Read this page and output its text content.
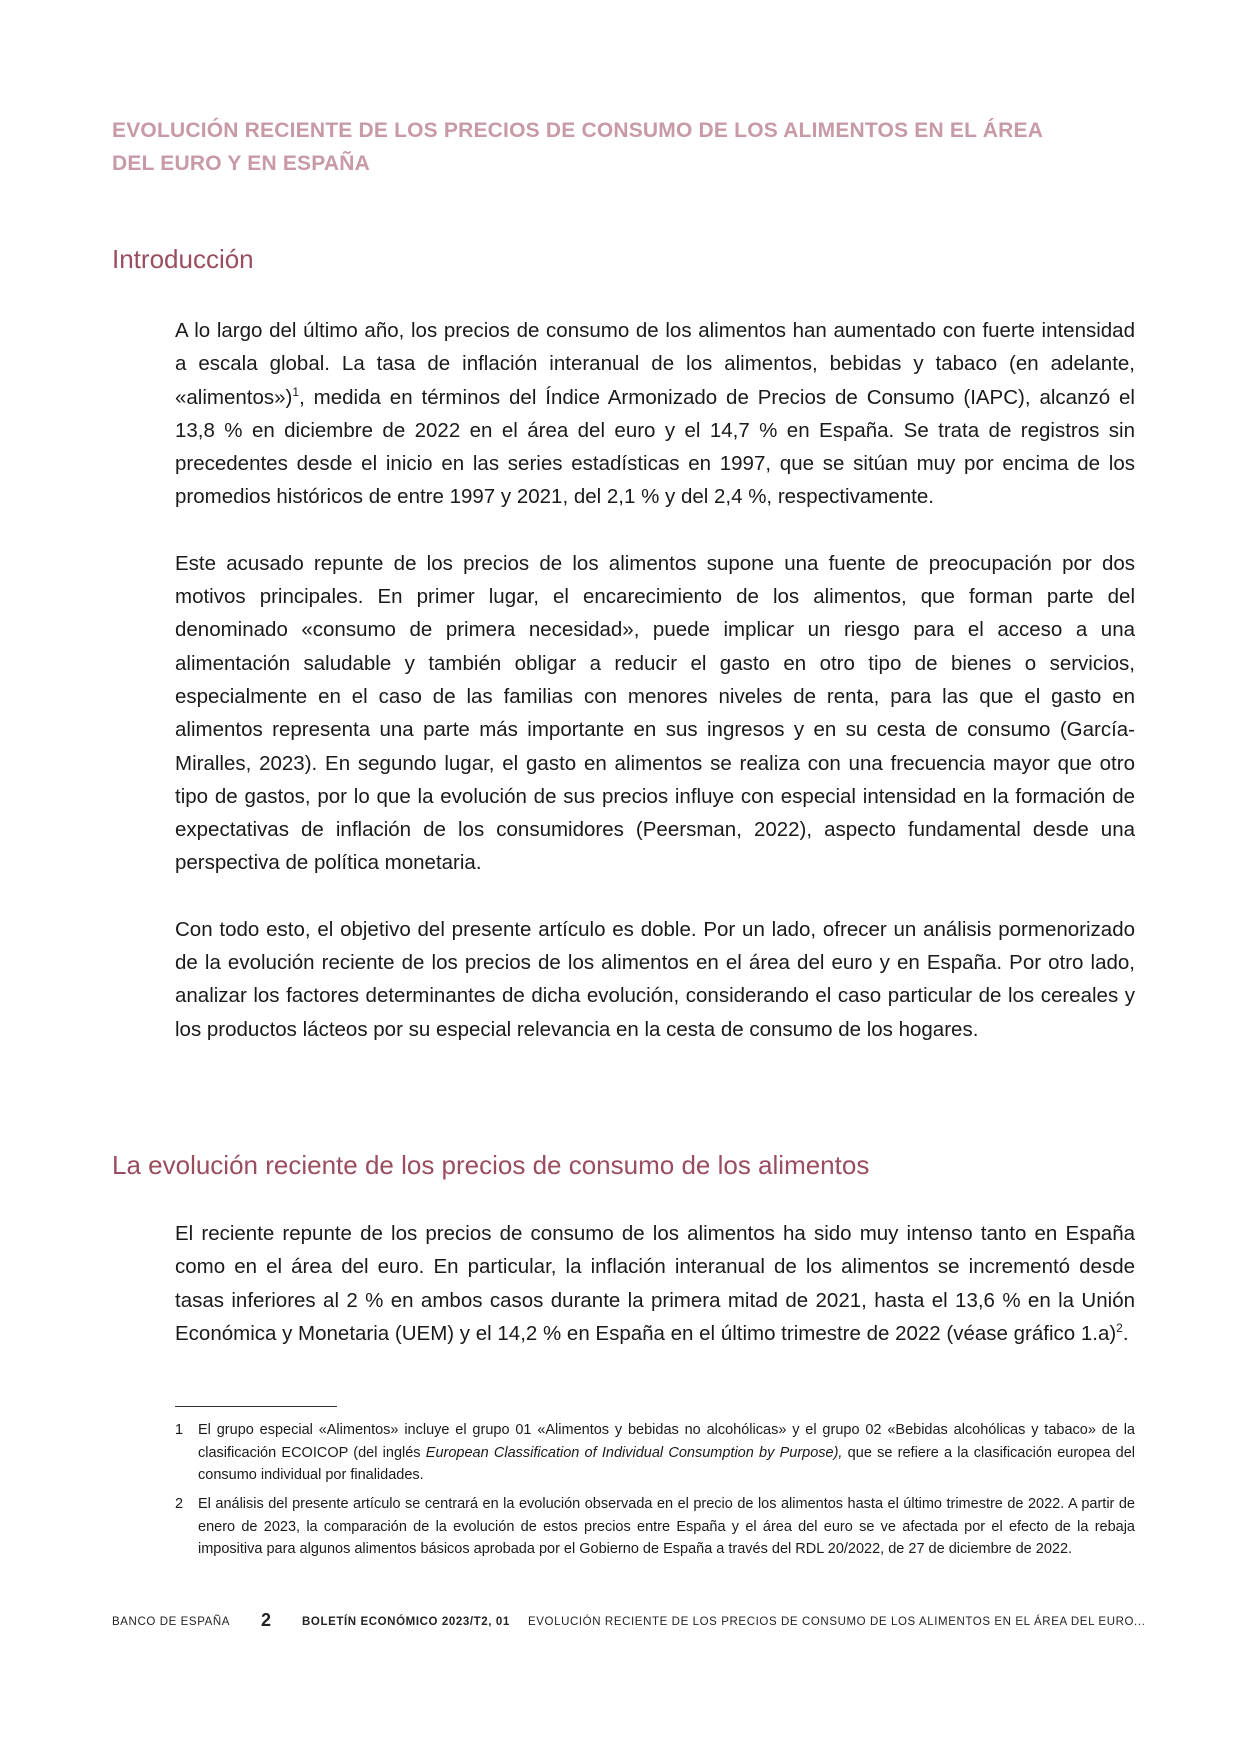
EVOLUCIÓN RECIENTE DE LOS PRECIOS DE CONSUMO DE LOS ALIMENTOS EN EL ÁREA
DEL EURO Y EN ESPAÑA
Introducción

A lo largo del último año, los precios de consumo de los alimentos han aumentado con fuerte intensidad a escala global. La tasa de inflación interanual de los alimentos, bebidas y tabaco (en adelante, «alimentos»)$^1$, medida en términos del Índice Armonizado de Precios de Consumo (IAPC), alcanzó el 13,8 % en diciembre de 2022 en el área del euro y el 14,7 % en España. Se trata de registros sin precedentes desde el inicio en las series estadísticas en 1997, que se sitúan muy por encima de los promedios históricos de entre 1997 y 2021, del 2,1 % y del 2,4 %, respectivamente.

Este acusado repunte de los precios de los alimentos supone una fuente de preocupación por dos motivos principales. En primer lugar, el encarecimiento de los alimentos, que forman parte del denominado «consumo de primera necesidad», puede implicar un riesgo para el acceso a una alimentación saludable y también obligar a reducir el gasto en otro tipo de bienes o servicios, especialmente en el caso de las familias con menores niveles de renta, para las que el gasto en alimentos representa una parte más importante en sus ingresos y en su cesta de consumo (García-Miralles, 2023). En segundo lugar, el gasto en alimentos se realiza con una frecuencia mayor que otro tipo de gastos, por lo que la evolución de sus precios influye con especial intensidad en la formación de expectativas de inflación de los consumidores (Peersman, 2022), aspecto fundamental desde una perspectiva de política monetaria.

Con todo esto, el objetivo del presente artículo es doble. Por un lado, ofrecer un análisis pormenorizado de la evolución reciente de los precios de los alimentos en el área del euro y en España. Por otro lado, analizar los factores determinantes de dicha evolución, considerando el caso particular de los cereales y los productos lácteos por su especial relevancia en la cesta de consumo de los hogares.

La evolución reciente de los precios de consumo de los alimentos

El reciente repunte de los precios de consumo de los alimentos ha sido muy intenso tanto en España como en el área del euro. En particular, la inflación interanual de los alimentos se incrementó desde tasas inferiores al 2 % en ambos casos durante la primera mitad de 2021, hasta el 13,6 % en la Unión Económica y Monetaria (UEM) y el 14,2 % en España en el último trimestre de 2022 (véase gráfico 1.a)$^2$.

1	El grupo especial «Alimentos» incluye el grupo 01 «Alimentos y bebidas no alcohólicas» y el grupo 02 «Bebidas alcohólicas y tabaco» de la clasificación ECOICOP (del inglés European Classification of Individual Consumption by Purpose), que se refiere a la clasificación europea del consumo individual por finalidades.
2	El análisis del presente artículo se centrará en la evolución observada en el precio de los alimentos hasta el último trimestre de 2022. A partir de enero de 2023, la comparación de la evolución de estos precios entre España y el área del euro se ve afectada por el efecto de la rebaja impositiva para algunos alimentos básicos aprobada por el Gobierno de España a través del RDL 20/2022, de 27 de diciembre de 2022.
BANCO DE ESPAÑA 2	BOLETÍN ECONÓMICO 2023/T2, 01 EVOLUCIÓN RECIENTE DE LOS PRECIOS DE CONSUMO DE LOS ALIMENTOS EN EL ÁREA DEL EURO...
